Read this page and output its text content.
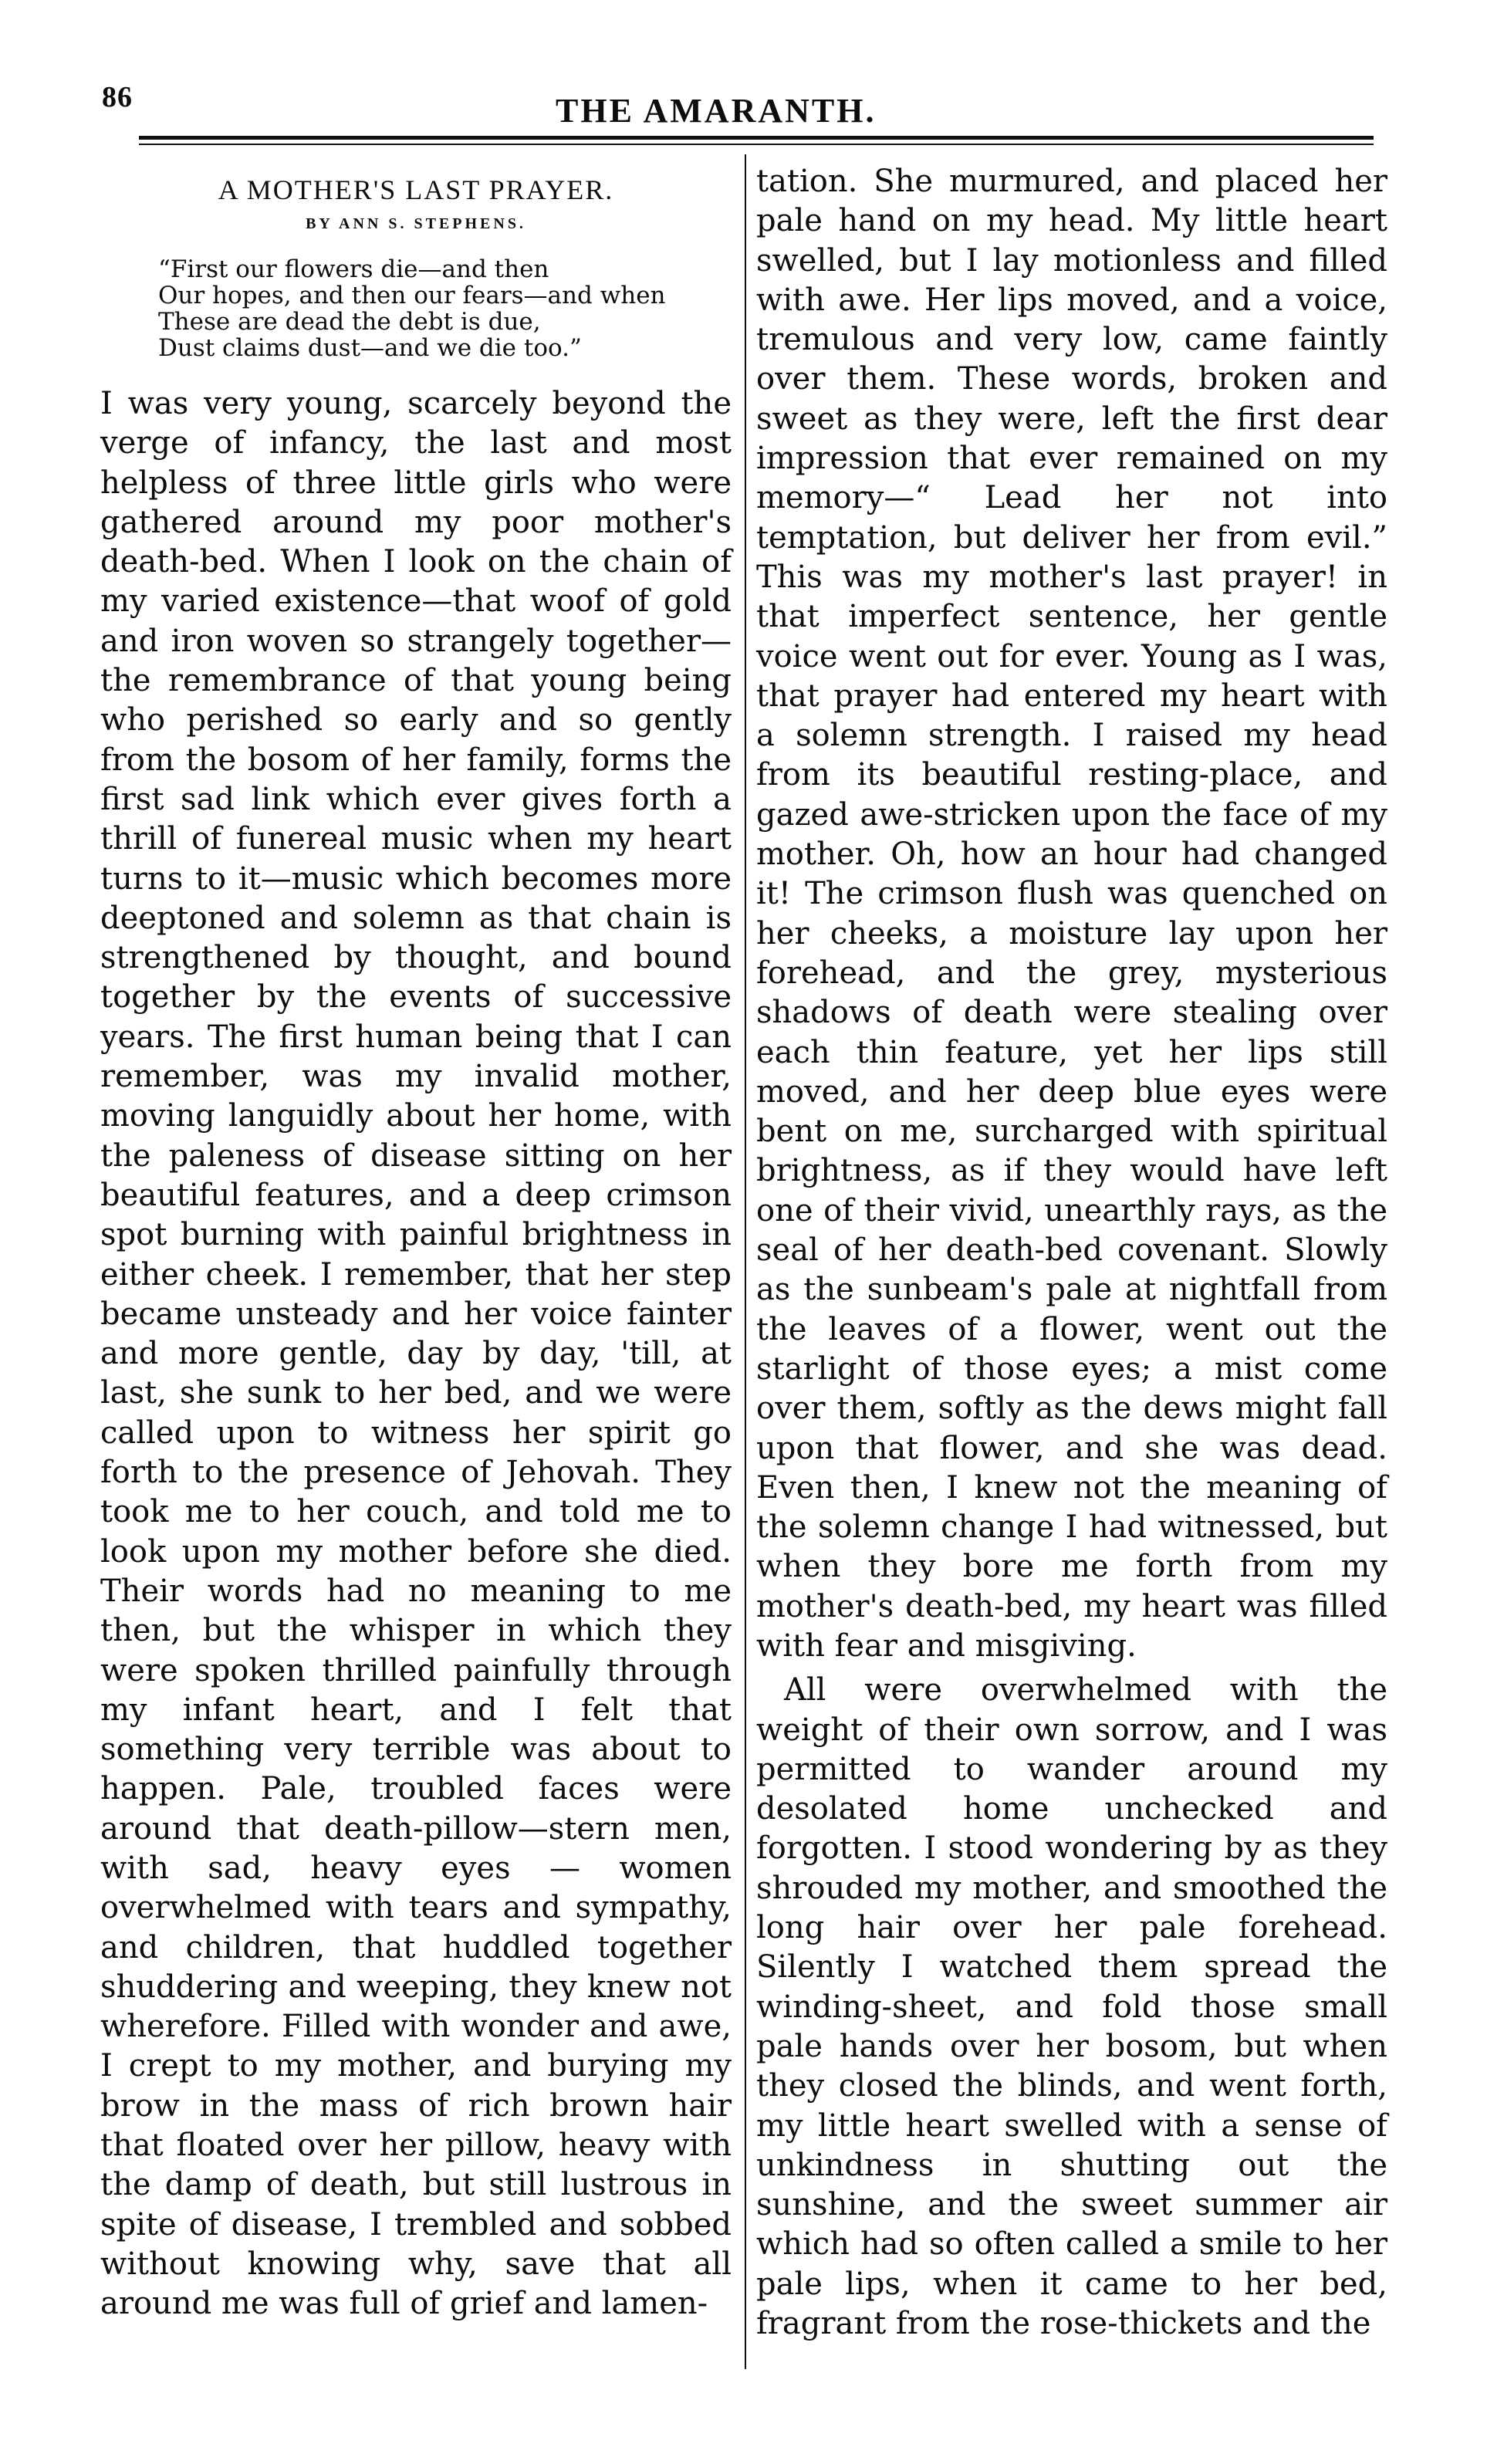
86	THE AMARANTH.
A MOTHER'S LAST PRAYER.
BY ANN S. STEPHENS.
“First our flowers die—and then
Our hopes, and then our fears—and when
These are dead the debt is due,
Dust claims dust—and we die too.”

I was very young, scarcely beyond the verge of infancy, the last and most helpless of three little girls who were gathered around my poor mother's death-bed. When I look on the chain of my varied existence—that woof of gold and iron woven so strangely together—the remembrance of that young being who perished so early and so gently from the bosom of her family, forms the first sad link which ever gives forth a thrill of funereal music when my heart turns to it—music which becomes more deeptoned and solemn as that chain is strengthened by thought, and bound together by the events of successive years. The first human being that I can remember, was my invalid mother, moving languidly about her home, with the paleness of disease sitting on her beautiful features, and a deep crimson spot burning with painful brightness in either cheek. I remember, that her step became unsteady and her voice fainter and more gentle, day by day, 'till, at last, she sunk to her bed, and we were called upon to witness her spirit go forth to the presence of Jehovah. They took me to her couch, and told me to look upon my mother before she died. Their words had no meaning to me then, but the whisper in which they were spoken thrilled painfully through my infant heart, and I felt that something very terrible was about to happen. Pale, troubled faces were around that death-pillow—stern men, with sad, heavy eyes — women overwhelmed with tears and sympathy, and children, that huddled together shuddering and weeping, they knew not wherefore. Filled with wonder and awe, I crept to my mother, and burying my brow in the mass of rich brown hair that floated over her pillow, heavy with the damp of death, but still lustrous in spite of disease, I trembled and sobbed without knowing why, save that all around me was full of grief and lamen-

tation. She murmured, and placed her pale hand on my head. My little heart swelled, but I lay motionless and filled with awe. Her lips moved, and a voice, tremulous and very low, came faintly over them. These words, broken and sweet as they were, left the first dear impression that ever remained on my memory—“ Lead her not into temptation, but deliver her from evil.” This was my mother's last prayer! in that imperfect sentence, her gentle voice went out for ever. Young as I was, that prayer had entered my heart with a solemn strength. I raised my head from its beautiful resting-place, and gazed awe-stricken upon the face of my mother. Oh, how an hour had changed it! The crimson flush was quenched on her cheeks, a moisture lay upon her forehead, and the grey, mysterious shadows of death were stealing over each thin feature, yet her lips still moved, and her deep blue eyes were bent on me, surcharged with spiritual brightness, as if they would have left one of their vivid, unearthly rays, as the seal of her death-bed covenant. Slowly as the sunbeam's pale at nightfall from the leaves of a flower, went out the starlight of those eyes; a mist come over them, softly as the dews might fall upon that flower, and she was dead. Even then, I knew not the meaning of the solemn change I had witnessed, but when they bore me forth from my mother's death-bed, my heart was filled with fear and misgiving.

All were overwhelmed with the weight of their own sorrow, and I was permitted to wander around my desolated home unchecked and forgotten. I stood wondering by as they shrouded my mother, and smoothed the long hair over her pale forehead. Silently I watched them spread the winding-sheet, and fold those small pale hands over her bosom, but when they closed the blinds, and went forth, my little heart swelled with a sense of unkindness in shutting out the sunshine, and the sweet summer air which had so often called a smile to her pale lips, when it came to her bed, fragrant from the rose-thickets and the
